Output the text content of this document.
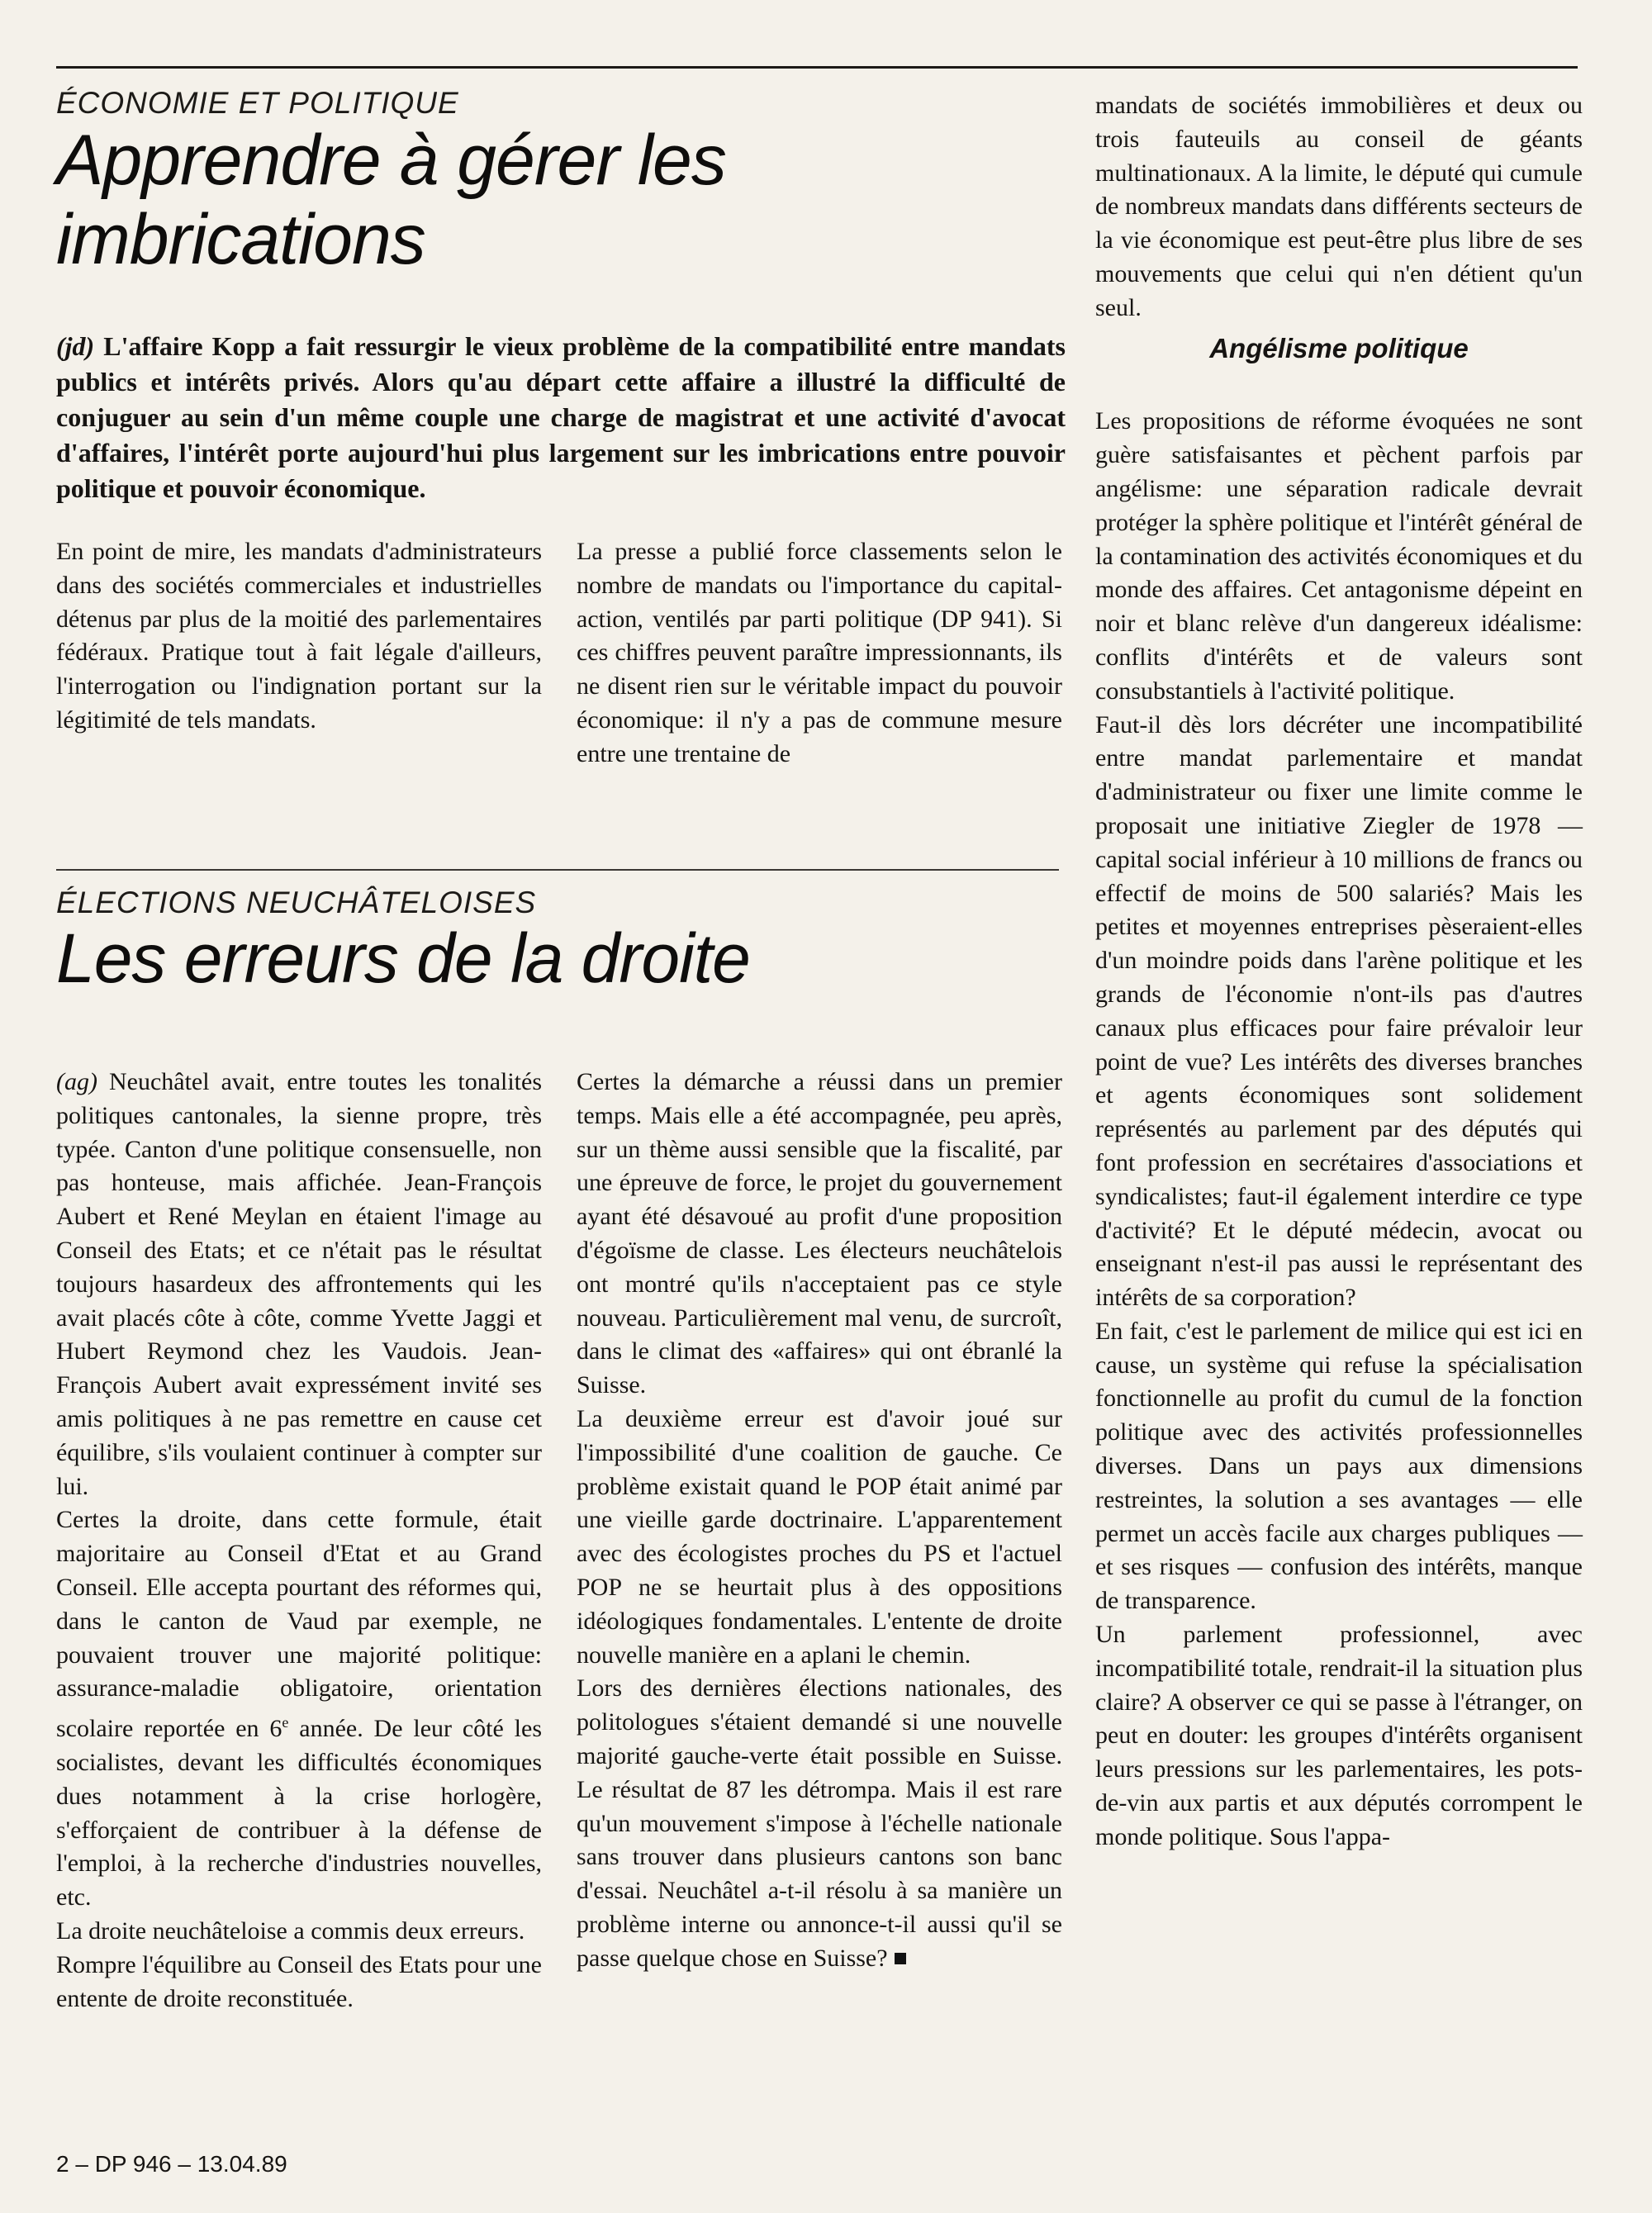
ÉCONOMIE ET POLITIQUE

Apprendre à gérer les
imbrications

(jd) L'affaire Kopp a fait ressurgir le vieux problème de la compatibilité entre mandats publics et intérêts privés. Alors qu'au départ cette affaire a illustré la difficulté de conjuguer au sein d'un même couple une charge de magistrat et une activité d'avocat d'affaires, l'intérêt porte aujourd'hui plus largement sur les imbrications entre pouvoir politique et pouvoir économique.

En point de mire, les mandats d'administrateurs dans des sociétés commerciales et industrielles détenus par plus de la moitié des parlementaires fédéraux. Pratique tout à fait légale d'ailleurs, l'interrogation ou l'indignation portant sur la légitimité de tels mandats.

La presse a publié force classements selon le nombre de mandats ou l'importance du capital-action, ventilés par parti politique (DP 941). Si ces chiffres peuvent paraître impressionnants, ils ne disent rien sur le véritable impact du pouvoir économique: il n'y a pas de commune mesure entre une trentaine de

mandats de sociétés immobilières et deux ou trois fauteuils au conseil de géants multinationaux. A la limite, le député qui cumule de nombreux mandats dans différents secteurs de la vie économique est peut-être plus libre de ses mouvements que celui qui n'en détient qu'un seul.

Angélisme politique

Les propositions de réforme évoquées ne sont guère satisfaisantes et pèchent parfois par angélisme: une séparation radicale devrait protéger la sphère politique et l'intérêt général de la contamination des activités économiques et du monde des affaires. Cet antagonisme dépeint en noir et blanc relève d'un dangereux idéalisme: conflits d'intérêts et de valeurs sont consubstantiels à l'activité politique.

Faut-il dès lors décréter une incompatibilité entre mandat parlementaire et mandat d'administrateur ou fixer une limite comme le proposait une initiative Ziegler de 1978 — capital social inférieur à 10 millions de francs ou effectif de moins de 500 salariés? Mais les petites et moyennes entreprises pèseraient-elles d'un moindre poids dans l'arène politique et les grands de l'économie n'ont-ils pas d'autres canaux plus efficaces pour faire prévaloir leur point de vue? Les intérêts des diverses branches et agents économiques sont solidement représentés au parlement par des députés qui font profession en secrétaires d'associations et syndicalistes; faut-il également interdire ce type d'activité? Et le député médecin, avocat ou enseignant n'est-il pas aussi le représentant des intérêts de sa corporation?

En fait, c'est le parlement de milice qui est ici en cause, un système qui refuse la spécialisation fonctionnelle au profit du cumul de la fonction politique avec des activités professionnelles diverses. Dans un pays aux dimensions restreintes, la solution a ses avantages — elle permet un accès facile aux charges publiques — et ses risques — confusion des intérêts, manque de transparence.

Un parlement professionnel, avec incompatibilité totale, rendrait-il la situation plus claire? A observer ce qui se passe à l'étranger, on peut en douter: les groupes d'intérêts organisent leurs pressions sur les parlementaires, les pots-de-vin aux partis et aux députés corrompent le monde politique. Sous l'appa-

ÉLECTIONS NEUCHÂTELOISES

Les erreurs de la droite

(ag) Neuchâtel avait, entre toutes les tonalités politiques cantonales, la sienne propre, très typée. Canton d'une politique consensuelle, non pas honteuse, mais affichée. Jean-François Aubert et René Meylan en étaient l'image au Conseil des Etats; et ce n'était pas le résultat toujours hasardeux des affrontements qui les avait placés côte à côte, comme Yvette Jaggi et Hubert Reymond chez les Vaudois. Jean-François Aubert avait expressément invité ses amis politiques à ne pas remettre en cause cet équilibre, s'ils voulaient continuer à compter sur lui.

Certes la droite, dans cette formule, était majoritaire au Conseil d'Etat et au Grand Conseil. Elle accepta pourtant des réformes qui, dans le canton de Vaud par exemple, ne pouvaient trouver une majorité politique: assurance-maladie obligatoire, orientation scolaire reportée en 6e année. De leur côté les socialistes, devant les difficultés économiques dues notamment à la crise horlogère, s'efforçaient de contribuer à la défense de l'emploi, à la recherche d'industries nouvelles, etc.

La droite neuchâteloise a commis deux erreurs.

Rompre l'équilibre au Conseil des Etats pour une entente de droite reconstituée.

Certes la démarche a réussi dans un premier temps. Mais elle a été accompagnée, peu après, sur un thème aussi sensible que la fiscalité, par une épreuve de force, le projet du gouvernement ayant été désavoué au profit d'une proposition d'égoïsme de classe. Les électeurs neuchâtelois ont montré qu'ils n'acceptaient pas ce style nouveau. Particulièrement mal venu, de surcroît, dans le climat des «affaires» qui ont ébranlé la Suisse.

La deuxième erreur est d'avoir joué sur l'impossibilité d'une coalition de gauche. Ce problème existait quand le POP était animé par une vieille garde doctrinaire. L'apparentement avec des écologistes proches du PS et l'actuel POP ne se heurtait plus à des oppositions idéologiques fondamentales. L'entente de droite nouvelle manière en a aplani le chemin.

Lors des dernières élections nationales, des politologues s'étaient demandé si une nouvelle majorité gauche-verte était possible en Suisse. Le résultat de 87 les détrompa. Mais il est rare qu'un mouvement s'impose à l'échelle nationale sans trouver dans plusieurs cantons son banc d'essai. Neuchâtel a-t-il résolu à sa manière un problème interne ou annonce-t-il aussi qu'il se passe quelque chose en Suisse?

2 – DP 946 – 13.04.89
